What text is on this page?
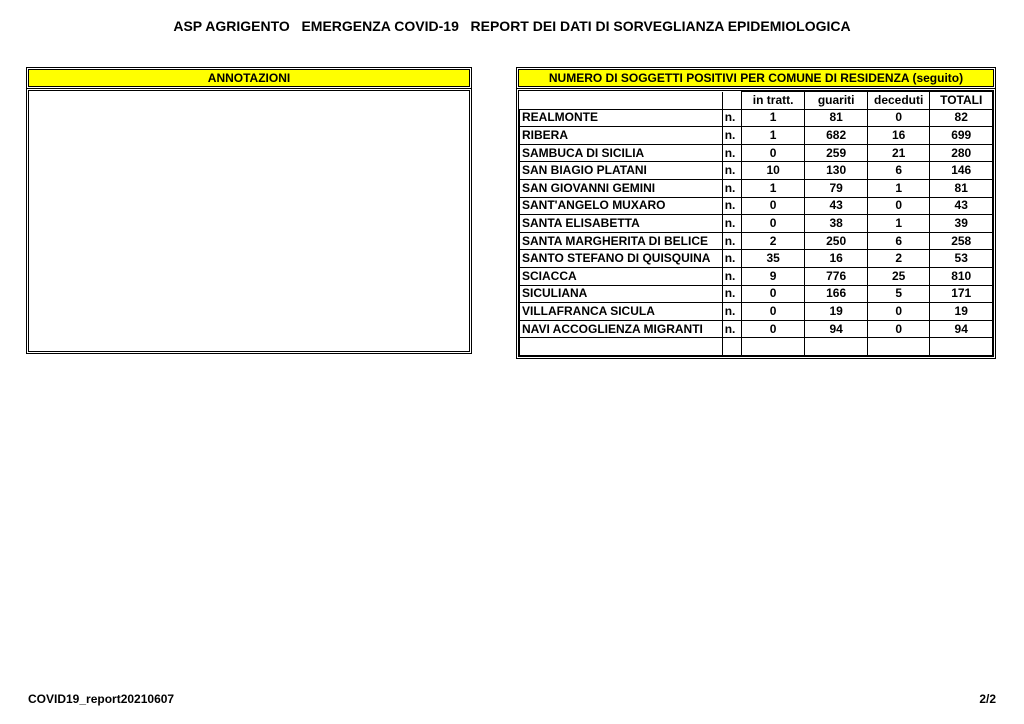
ASP AGRIGENTO   EMERGENZA COVID-19   REPORT DEI DATI DI SORVEGLIANZA EPIDEMIOLOGICA
ANNOTAZIONI	NUMERO DI SOGGETTI POSITIVI PER COMUNE DI RESIDENZA (seguito)
		in tratt.	guariti	deceduti	TOTALI
REALMONTE	n.	1	81	0	82
RIBERA	n.	1	682	16	699
SAMBUCA DI SICILIA	n.	0	259	21	280
SAN BIAGIO PLATANI	n.	10	130	6	146
SAN GIOVANNI GEMINI	n.	1	79	1	81
SANT'ANGELO MUXARO	n.	0	43	0	43
SANTA ELISABETTA	n.	0	38	1	39
SANTA MARGHERITA DI BELICE	n.	2	250	6	258
SANTO STEFANO DI QUISQUINA	n.	35	16	2	53
SCIACCA	n.	9	776	25	810
SICULIANA	n.	0	166	5	171
VILLAFRANCA SICULA	n.	0	19	0	19
NAVI ACCOGLIENZA MIGRANTI	n.	0	94	0	94

COVID19_report20210607	2/2
